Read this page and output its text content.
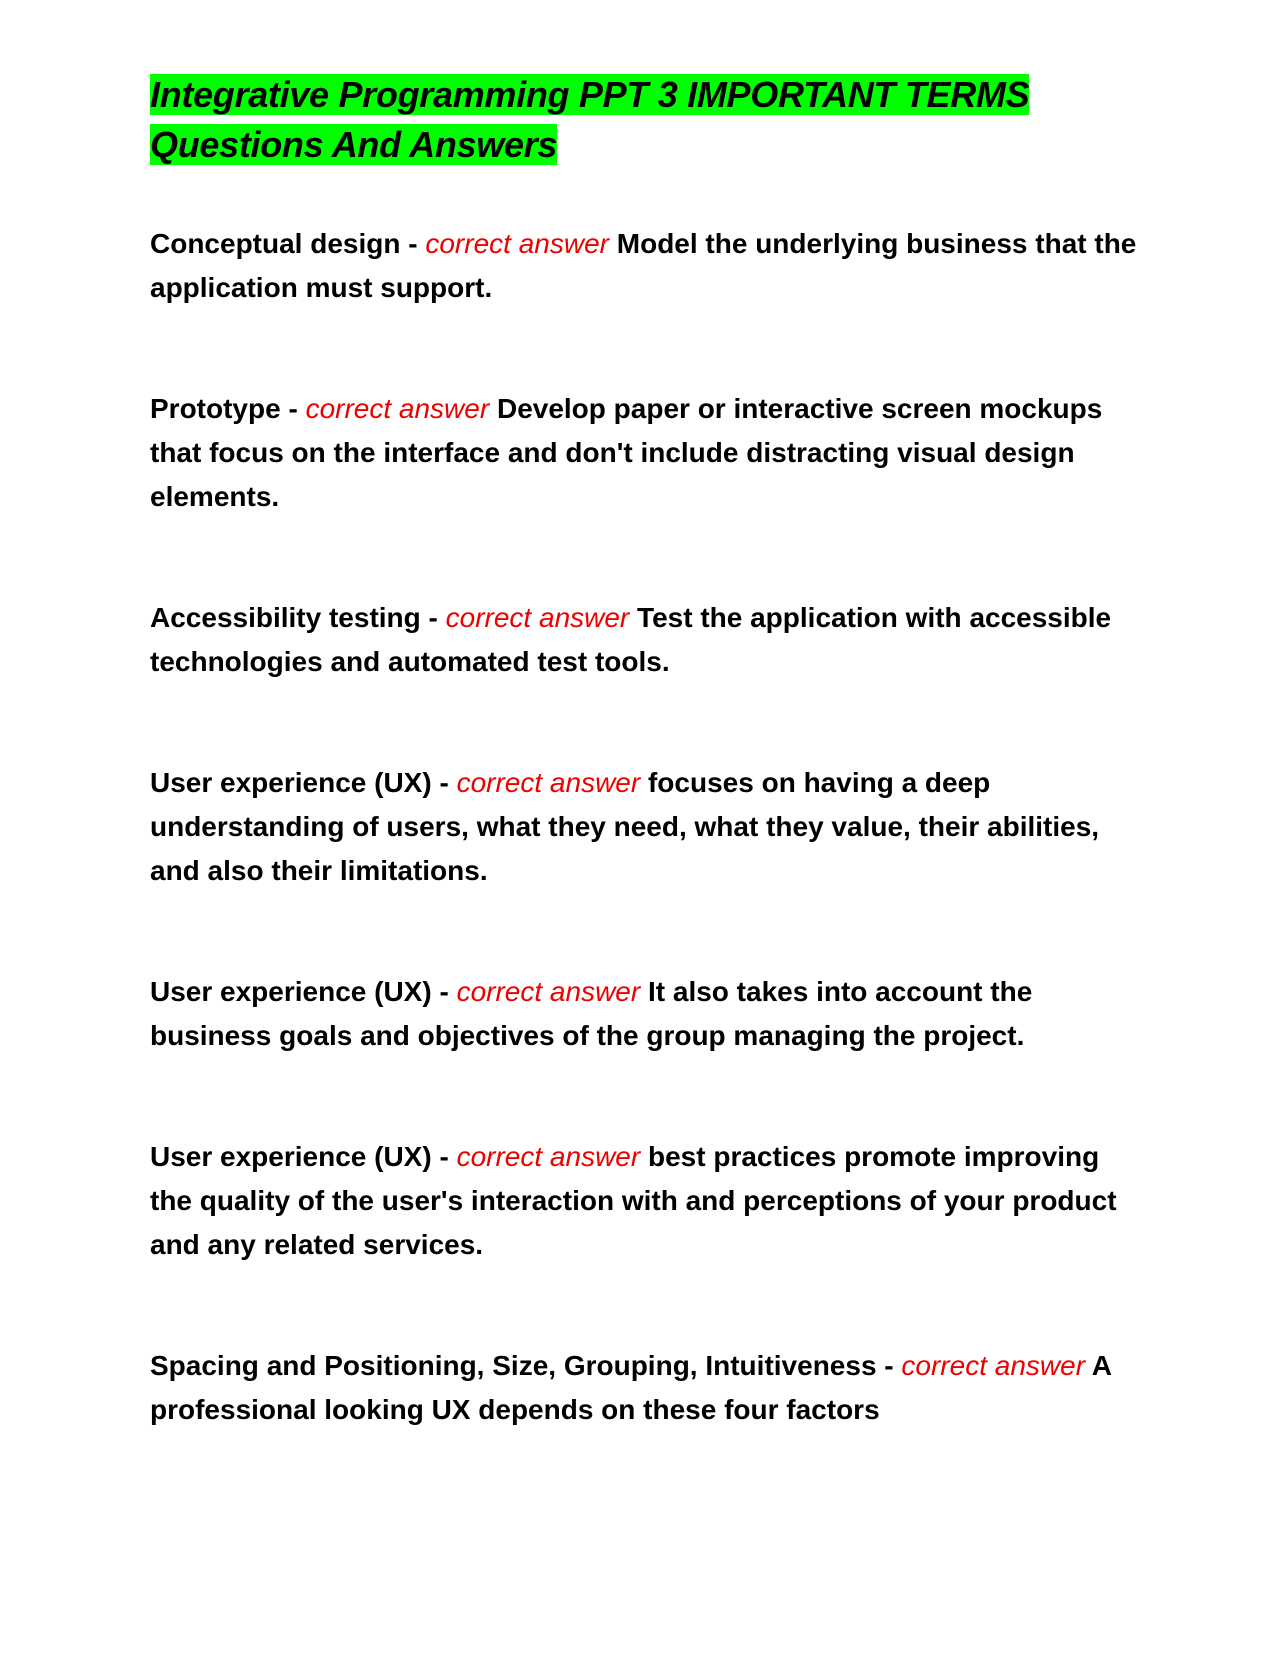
Integrative Programming PPT 3 IMPORTANT TERMS Questions And Answers

Conceptual design - correct answer Model the underlying business that the application must support.

Prototype - correct answer Develop paper or interactive screen mockups that focus on the interface and don't include distracting visual design elements.

Accessibility testing - correct answer Test the application with accessible technologies and automated test tools.

User experience (UX) - correct answer focuses on having a deep understanding of users, what they need, what they value, their abilities, and also their limitations.

User experience (UX) - correct answer It also takes into account the business goals and objectives of the group managing the project.

User experience (UX) - correct answer best practices promote improving the quality of the user's interaction with and perceptions of your product and any related services.

Spacing and Positioning, Size, Grouping, Intuitiveness - correct answer A professional looking UX depends on these four factors
